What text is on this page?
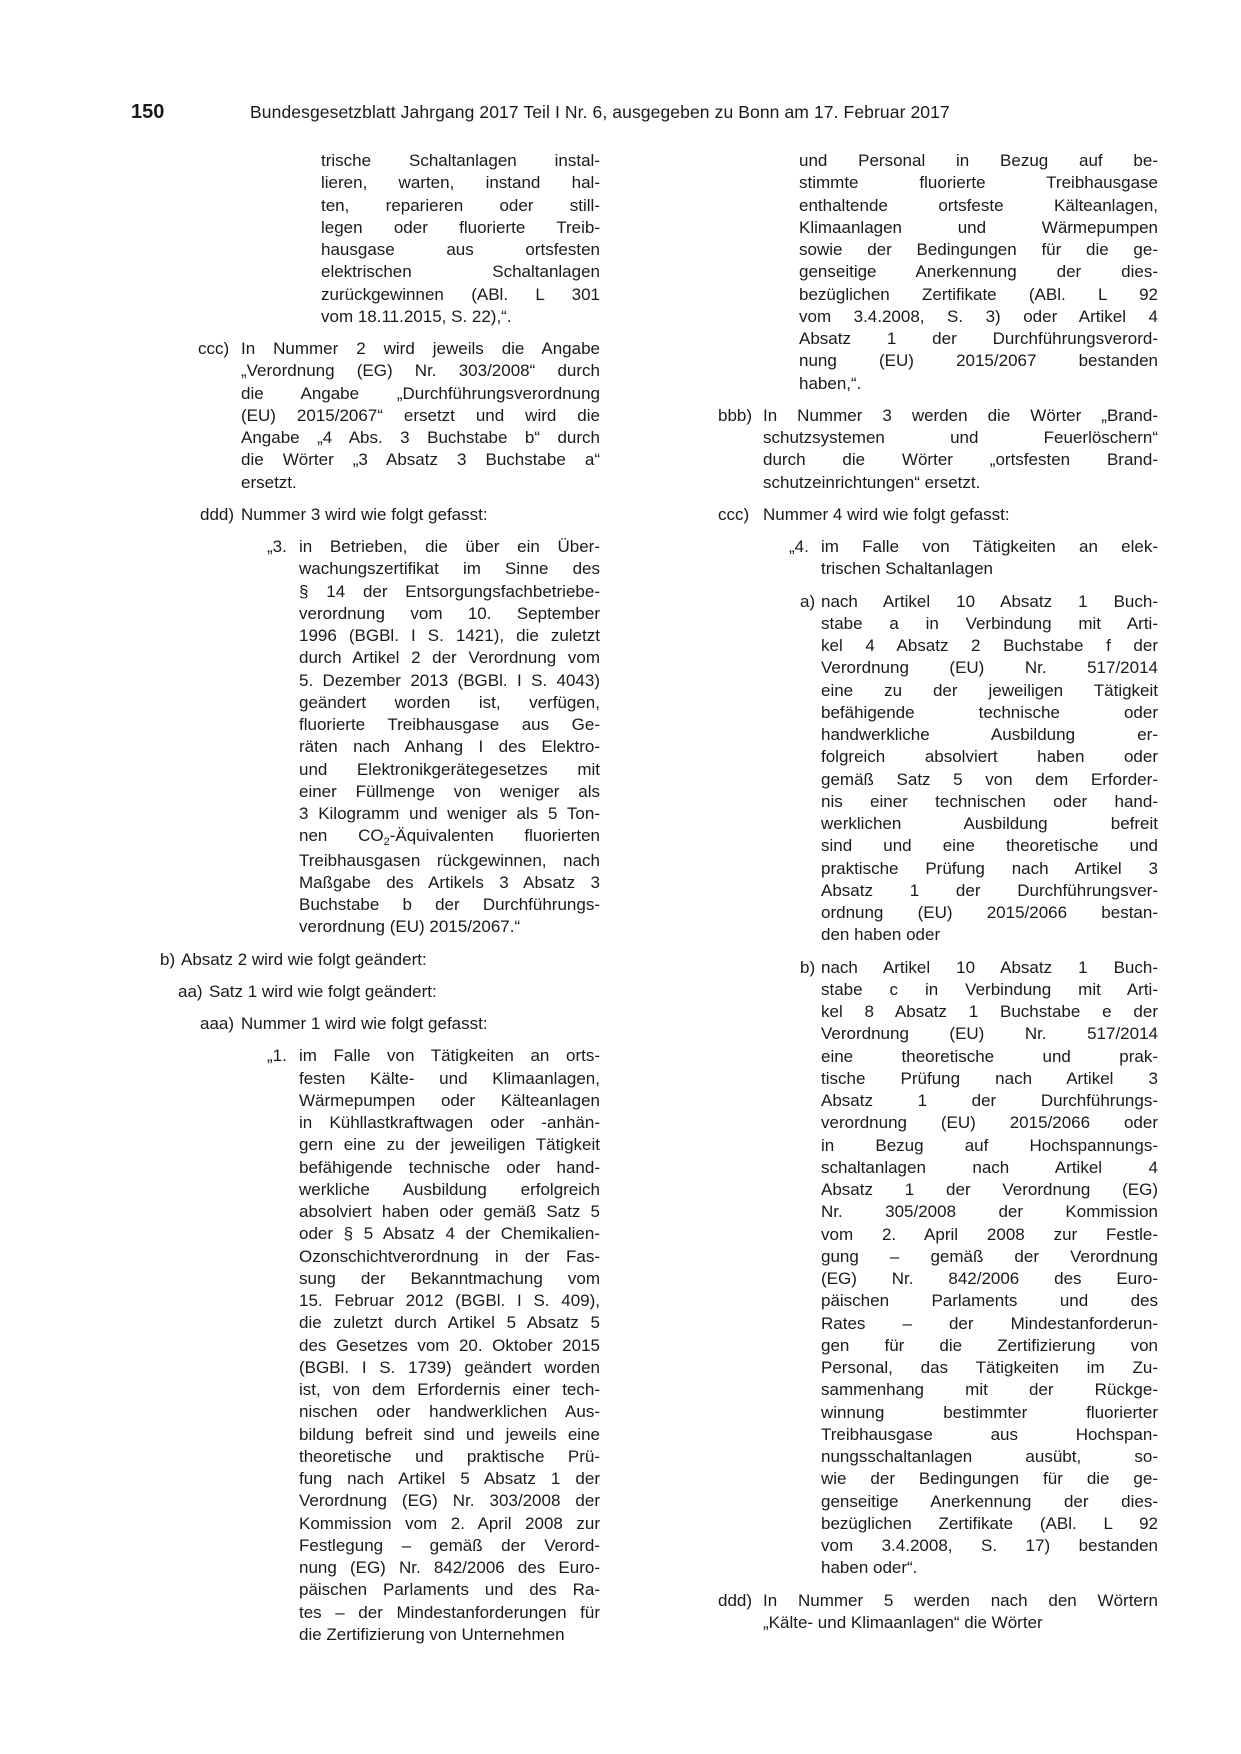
150	Bundesgesetzblatt Jahrgang 2017 Teil I Nr. 6, ausgegeben zu Bonn am 17. Februar 2017
trische Schaltanlagen instal-
lieren, warten, instand hal-
ten, reparieren oder still-
legen oder fluorierte Treib-
hausgase aus ortsfesten
elektrischen Schaltanlagen
zurückgewinnen (ABl. L 301
vom 18.11.2015, S. 22),“.
ccc) In Nummer 2 wird jeweils die Angabe
„Verordnung (EG) Nr. 303/2008“ durch
die Angabe „Durchführungsverordnung
(EU) 2015/2067“ ersetzt und wird die
Angabe „4 Abs. 3 Buchstabe b“ durch
die Wörter „3 Absatz 3 Buchstabe a“
ersetzt.
ddd) Nummer 3 wird wie folgt gefasst:
„3. in Betrieben, die über ein Über-
wachungszertifikat im Sinne des
§ 14 der Entsorgungsfachbetriebe-
verordnung vom 10. September
1996 (BGBl. I S. 1421), die zuletzt
durch Artikel 2 der Verordnung vom
5. Dezember 2013 (BGBl. I S. 4043)
geändert worden ist, verfügen,
fluorierte Treibhausgase aus Ge-
räten nach Anhang I des Elektro-
und Elektronikgerätegesetzes mit
einer Füllmenge von weniger als
3 Kilogramm und weniger als 5 Ton-
nen $CO_2$-Äquivalenten fluorierten
Treibhausgasen rückgewinnen, nach
Maßgabe des Artikels 3 Absatz 3
Buchstabe b der Durchführungs-
verordnung (EU) 2015/2067.“
b) Absatz 2 wird wie folgt geändert:
aa) Satz 1 wird wie folgt geändert:
aaa) Nummer 1 wird wie folgt gefasst:
„1. im Falle von Tätigkeiten an orts-
festen Kälte- und Klimaanlagen,
Wärmepumpen oder Kälteanlagen
in Kühllastkraftwagen oder -anhän-
gern eine zu der jeweiligen Tätigkeit
befähigende technische oder hand-
werkliche Ausbildung erfolgreich
absolviert haben oder gemäß Satz 5
oder § 5 Absatz 4 der Chemikalien-
Ozonschichtverordnung in der Fas-
sung der Bekanntmachung vom
15. Februar 2012 (BGBl. I S. 409),
die zuletzt durch Artikel 5 Absatz 5
des Gesetzes vom 20. Oktober 2015
(BGBl. I S. 1739) geändert worden
ist, von dem Erfordernis einer tech-
nischen oder handwerklichen Aus-
bildung befreit sind und jeweils eine
theoretische und praktische Prü-
fung nach Artikel 5 Absatz 1 der
Verordnung (EG) Nr. 303/2008 der
Kommission vom 2. April 2008 zur
Festlegung – gemäß der Verord-
nung (EG) Nr. 842/2006 des Euro-
päischen Parlaments und des Ra-
tes – der Mindestanforderungen für
die Zertifizierung von Unternehmen
und Personal in Bezug auf be-
stimmte fluorierte Treibhausgase
enthaltende ortsfeste Kälteanlagen,
Klimaanlagen und Wärmepumpen
sowie der Bedingungen für die ge-
genseitige Anerkennung der dies-
bezüglichen Zertifikate (ABl. L 92
vom 3.4.2008, S. 3) oder Artikel 4
Absatz 1 der Durchführungsverord-
nung (EU) 2015/2067 bestanden
haben,“.
bbb) In Nummer 3 werden die Wörter „Brand-
schutzsystemen und Feuerlöschern“
durch die Wörter „ortsfesten Brand-
schutzeinrichtungen“ ersetzt.
ccc) Nummer 4 wird wie folgt gefasst:
„4. im Falle von Tätigkeiten an elek-
trischen Schaltanlagen
a) nach Artikel 10 Absatz 1 Buch-
stabe a in Verbindung mit Arti-
kel 4 Absatz 2 Buchstabe f der
Verordnung (EU) Nr. 517/2014
eine zu der jeweiligen Tätigkeit
befähigende technische oder
handwerkliche Ausbildung er-
folgreich absolviert haben oder
gemäß Satz 5 von dem Erforder-
nis einer technischen oder hand-
werklichen Ausbildung befreit
sind und eine theoretische und
praktische Prüfung nach Artikel 3
Absatz 1 der Durchführungsver-
ordnung (EU) 2015/2066 bestan-
den haben oder
b) nach Artikel 10 Absatz 1 Buch-
stabe c in Verbindung mit Arti-
kel 8 Absatz 1 Buchstabe e der
Verordnung (EU) Nr. 517/2014
eine theoretische und prak-
tische Prüfung nach Artikel 3
Absatz 1 der Durchführungs-
verordnung (EU) 2015/2066 oder
in Bezug auf Hochspannungs-
schaltanlagen nach Artikel 4
Absatz 1 der Verordnung (EG)
Nr. 305/2008 der Kommission
vom 2. April 2008 zur Festle-
gung – gemäß der Verordnung
(EG) Nr. 842/2006 des Euro-
päischen Parlaments und des
Rates – der Mindestanforderun-
gen für die Zertifizierung von
Personal, das Tätigkeiten im Zu-
sammenhang mit der Rückge-
winnung bestimmter fluorierter
Treibhausgase aus Hochspan-
nungsschaltanlagen ausübt, so-
wie der Bedingungen für die ge-
genseitige Anerkennung der dies-
bezüglichen Zertifikate (ABl. L 92
vom 3.4.2008, S. 17) bestanden
haben oder“.
ddd) In Nummer 5 werden nach den Wörtern
„Kälte- und Klimaanlagen“ die Wörter
